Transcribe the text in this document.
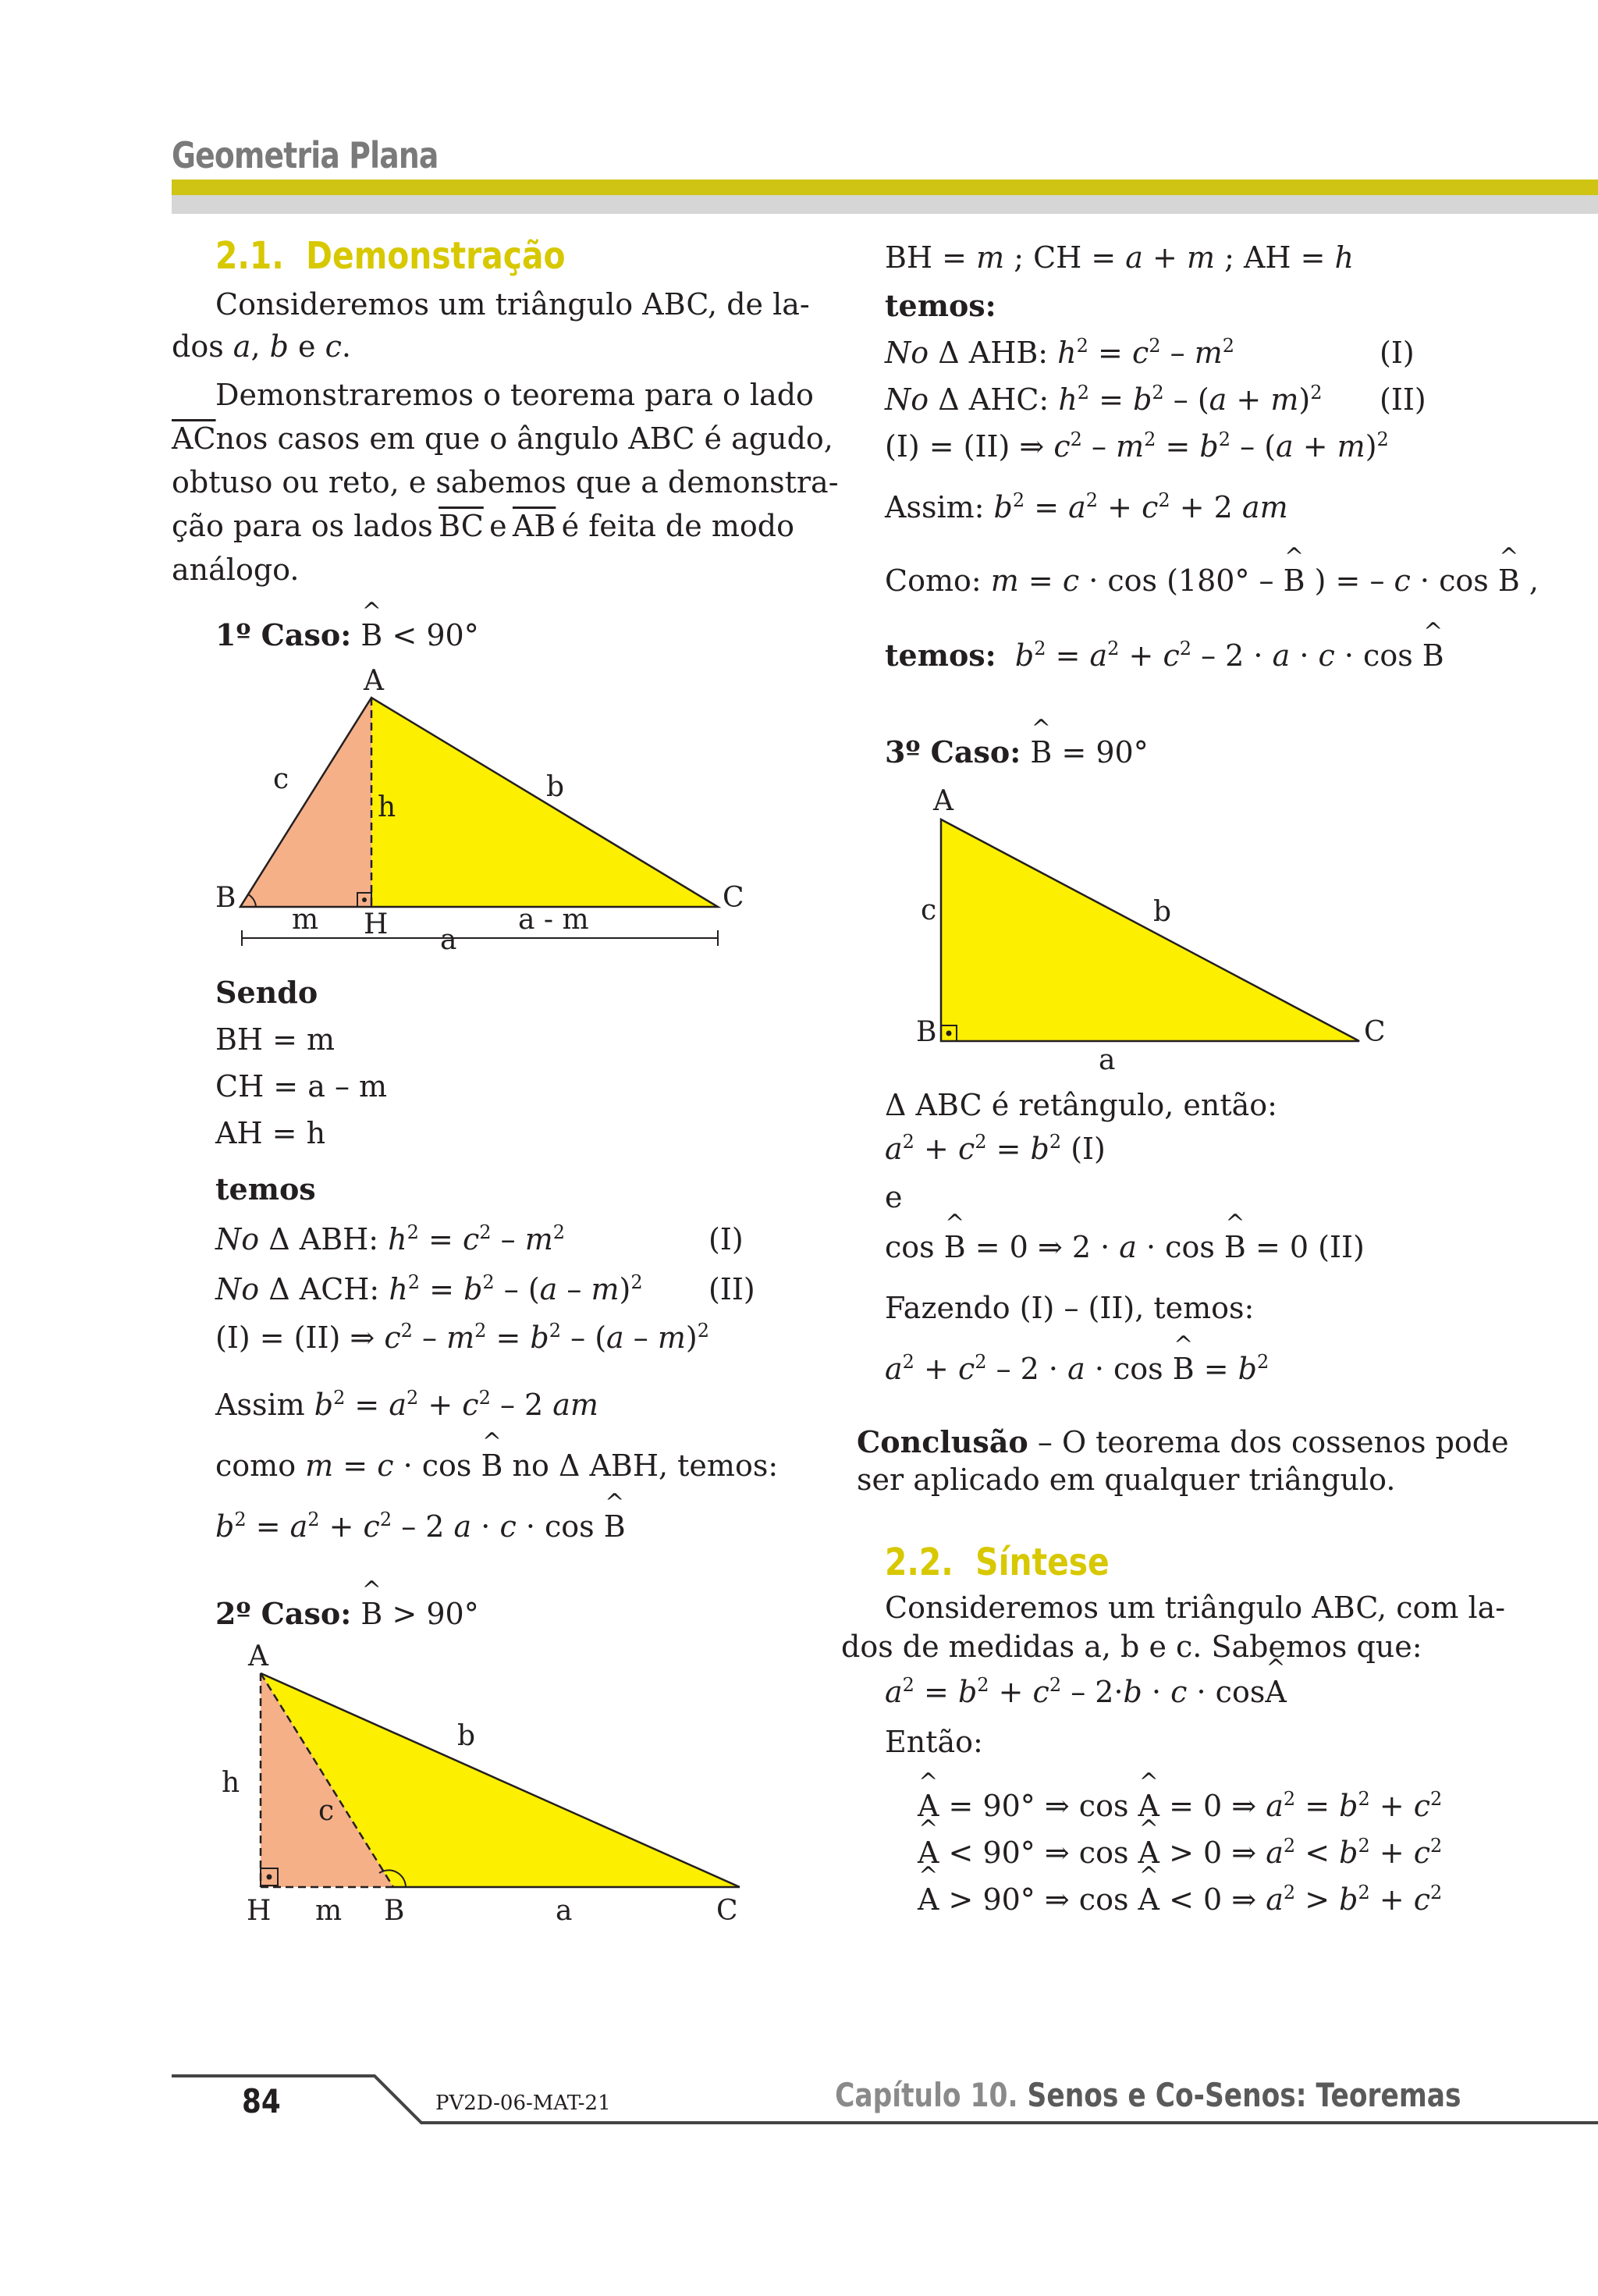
Geometria Plana
2.1. Demonstração
Consideremos um triângulo ABC, de la-
dos a, b e c.
Demonstraremos o teorema para o lado
$\overline{AC}$ nos casos em que o ângulo ABC é agudo,
obtuso ou reto, e sabemos que a demonstra-
ção para os lados $\overline{BC}$ e $\overline{AB}$ é feita de modo
análogo.
1º Caso: ^ B < 90°
A
B	C
H
c	b
h
m	a - m
a
Sendo
BH = m
CH = a – m
AH = h
temos
No Δ ABH: $h^2 = c^2 - m^2$	(I)
No Δ ACH: $h^2 = b^2 - (a - m)^2$ (II)
(I) = (II) ⇒ $c^2 - m^2 = b^2 - (a - m)^2$
Assim $b^2 = a^2 + c^2 - 2$ am
como m = c · cos ^ B no Δ ABH, temos:
$b^2 = a^2 + c^2 - 2$ a · c · cos ^ B
2º Caso: ^ B > 90°
A
H m B	a	C
h
c
b
BH = m ; CH = a + m ; AH = h
temos:
No Δ AHB: $h^2 = c^2 - m^2$	(I)
No Δ AHC: $h^2 = b^2 - (a + m)^2$ (II)
(I) = (II) ⇒ $c^2 - m^2 = b^2 - (a + m)^2$
Assim: $b^2 = a^2 + c^2 + 2$ am
Como: m = c · cos (180° – ^ B ) = – c · cos ^ B ,
temos: $b^2 = a^2 + c^2 - 2 \cdot a \cdot c \cdot \cos$ ^ B
3º Caso: ^ B = 90°
A
B	C
c	b
a
Δ ABC é retângulo, então:
$a^2 + c^2 = b^2$ (I)
e
cos ^ B = 0 ⇒ 2 · a · cos ^ B = 0 (II)
Fazendo (I) – (II), temos:
$a^2 + c^2 - 2 \cdot a \cdot \cos$ ^ $B = b^2$
Conclusão – O teorema dos cossenos pode
ser aplicado em qualquer triângulo.
2.2. Síntese
Consideremos um triângulo ABC, com la-
dos de medidas a, b e c. Sabemos que:
$a^2 = b^2 + c^2 - 2\cdot b \cdot c$ · cos^ A
Então:
^ A = 90° ⇒ cos ^ A = 0 ⇒ $a^2 = b^2 + c^2$
^ A < 90° ⇒ cos ^ A > 0 ⇒ $a^2 < b^2 + c^2$
^ A > 90° ⇒ cos ^ A < 0 ⇒ $a^2 > b^2 + c^2$
84	PV2D-06-MAT-21	Capítulo 10. Senos e Co-Senos: Teoremas
